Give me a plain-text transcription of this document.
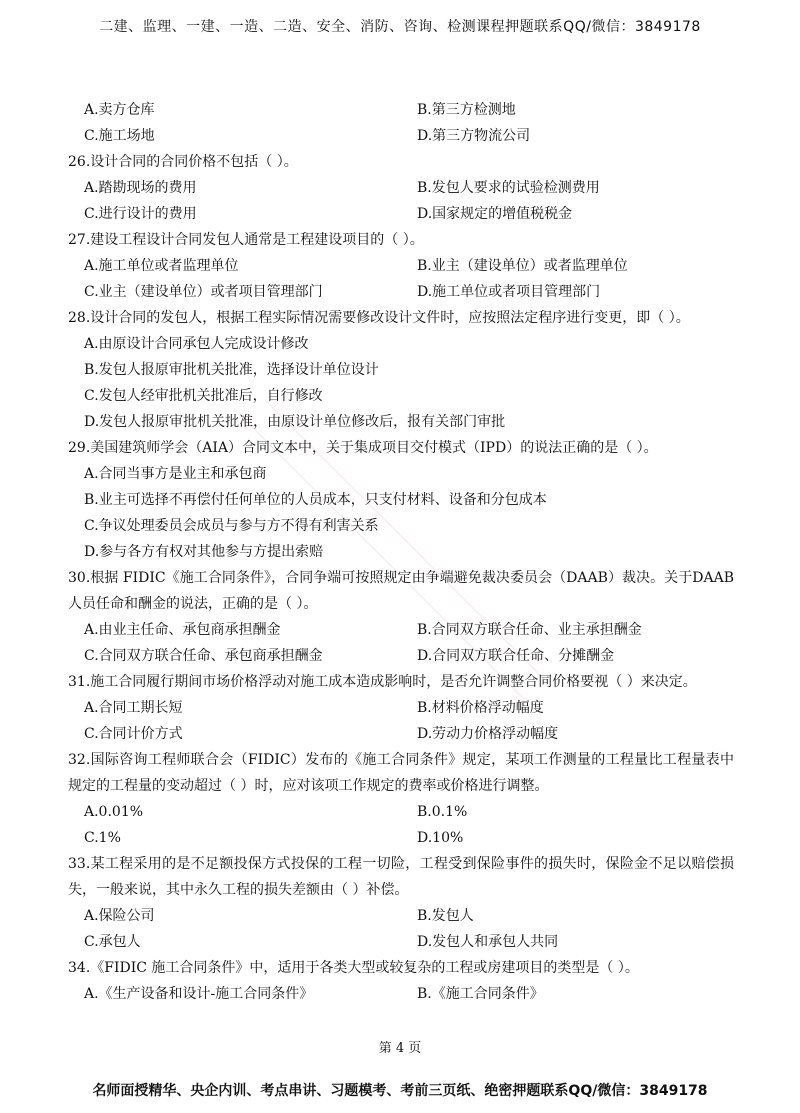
二建、监理、一建、一造、二造、安全、消防、咨询、检测课程押题联系QQ/微信：3849178
A.卖方仓库	B.第三方检测地
C.施工场地	D.第三方物流公司
26.设计合同的合同价格不包括（ ）。
A.踏勘现场的费用	B.发包人要求的试验检测费用
C.进行设计的费用	D.国家规定的增值税税金
27.建设工程设计合同发包人通常是工程建设项目的（ ）。
A.施工单位或者监理单位	B.业主（建设单位）或者监理单位
C.业主（建设单位）或者项目管理部门	D.施工单位或者项目管理部门
28.设计合同的发包人，根据工程实际情况需要修改设计文件时，应按照法定程序进行变更，即（ ）。
A.由原设计合同承包人完成设计修改
B.发包人报原审批机关批准，选择设计单位设计
C.发包人经审批机关批准后，自行修改
D.发包人报原审批机关批准，由原设计单位修改后，报有关部门审批
29.美国建筑师学会（AIA）合同文本中，关于集成项目交付模式（IPD）的说法正确的是（ ）。
A.合同当事方是业主和承包商
B.业主可选择不再偿付任何单位的人员成本，只支付材料、设备和分包成本
C.争议处理委员会成员与参与方不得有利害关系
D.参与各方有权对其他参与方提出索赔
30.根据 FIDIC《施工合同条件》，合同争端可按照规定由争端避免裁决委员会（DAAB）裁决。关于DAAB 人员任命和酬金的说法，正确的是（ ）。
A.由业主任命、承包商承担酬金	B.合同双方联合任命、业主承担酬金
C.合同双方联合任命、承包商承担酬金	D.合同双方联合任命、分摊酬金
31.施工合同履行期间市场价格浮动对施工成本造成影响时，是否允许调整合同价格要视（ ）来决定。
A.合同工期长短	B.材料价格浮动幅度
C.合同计价方式	D.劳动力价格浮动幅度
32.国际咨询工程师联合会（FIDIC）发布的《施工合同条件》规定，某项工作测量的工程量比工程量表中规定的工程量的变动超过（ ）时，应对该项工作规定的费率或价格进行调整。
A.0.01%	B.0.1%
C.1%	D.10%
33.某工程采用的是不足额投保方式投保的工程一切险，工程受到保险事件的损失时，保险金不足以赔偿损失，一般来说，其中永久工程的损失差额由（ ）补偿。
A.保险公司	B.发包人
C.承包人	D.发包人和承包人共同
34.《FIDIC 施工合同条件》中，适用于各类大型或较复杂的工程或房建项目的类型是（ ）。
A.《生产设备和设计-施工合同条件》	B.《施工合同条件》
第 4 页
名师面授精华、央企内训、考点串讲、习题模考、考前三页纸、绝密押题联系QQ/微信：3849178
